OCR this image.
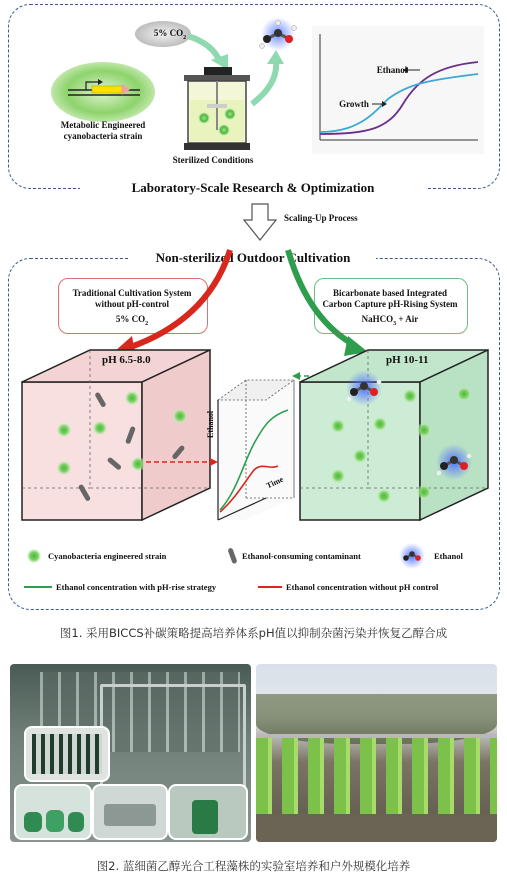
5% $CO_2$
Metabolic Engineered
cyanobacteria strain
Sterilized Conditions
Ethanol
Growth
Laboratory-Scale Research & Optimization
Scaling-Up Process
Non-sterilized Outdoor Cultivation
Traditional Cultivation System
without pH-control
5% $CO_2$
Bicarbonate based Integrated
Carbon Capture pH-Rising System
NaHCO$_3$ + Air
pH 6.5-8.0	pH 10-11
Ethanol
Time
Cyanobacteria engineered strain	Ethanol-consuming contaminant	Ethanol
Ethanol concentration with pH-rise strategy	Ethanol concentration without pH control
图1. 采用BICCS补碳策略提高培养体系pH值以抑制杂菌污染并恢复乙醇合成
图2. 蓝细菌乙醇光合工程藻株的实验室培养和户外规模化培养
